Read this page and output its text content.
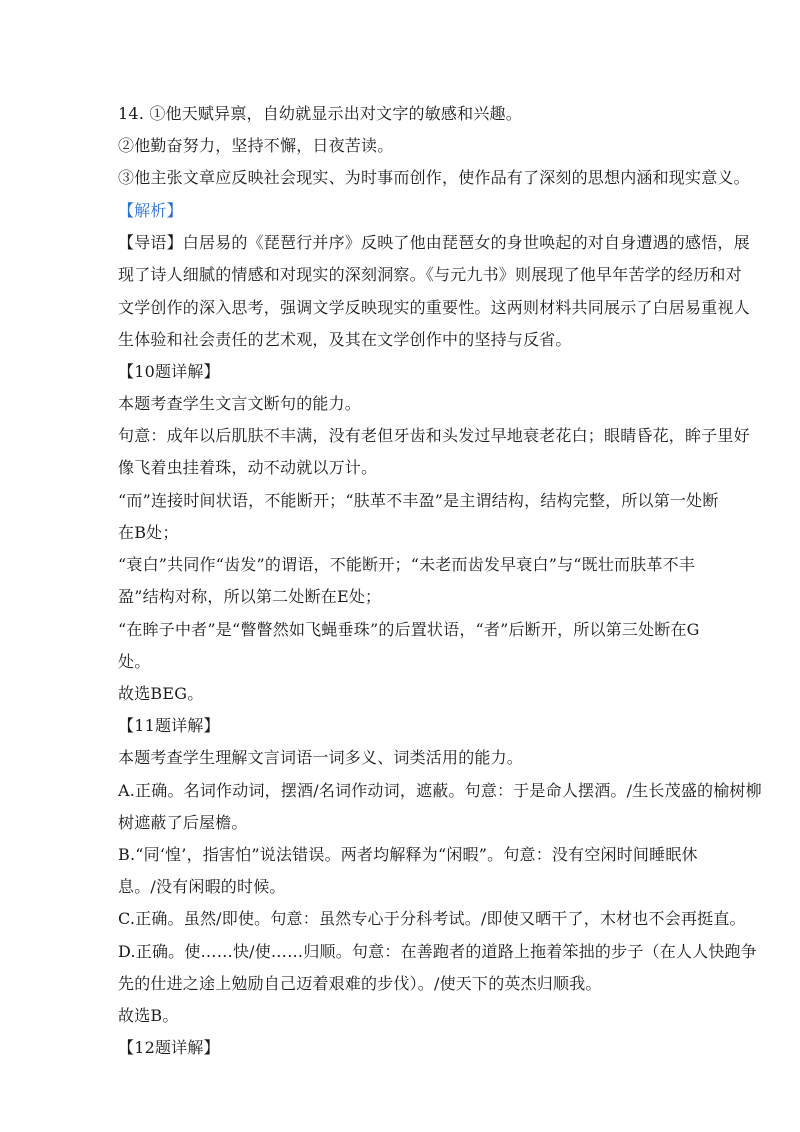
14. ①他天赋异禀，自幼就显示出对文字的敏感和兴趣。
②他勤奋努力，坚持不懈，日夜苦读。
③他主张文章应反映社会现实、为时事而创作，使作品有了深刻的思想内涵和现实意义。
【解析】
【导语】白居易的《琵琶行并序》反映了他由琵琶女的身世唤起的对自身遭遇的感悟，展
现了诗人细腻的情感和对现实的深刻洞察。《与元九书》则展现了他早年苦学的经历和对
文学创作的深入思考，强调文学反映现实的重要性。这两则材料共同展示了白居易重视人
生体验和社会责任的艺术观，及其在文学创作中的坚持与反省。
【10题详解】
本题考查学生文言文断句的能力。
句意：成年以后肌肤不丰满，没有老但牙齿和头发过早地衰老花白；眼睛昏花，眸子里好
像飞着虫挂着珠，动不动就以万计。
“而”连接时间状语，不能断开；“肤革不丰盈”是主谓结构，结构完整，所以第一处断
在B处；
“衰白”共同作“齿发”的谓语，不能断开；“未老而齿发早衰白”与“既壮而肤革不丰
盈”结构对称，所以第二处断在E处；
“在眸子中者”是“瞥瞥然如飞蝇垂珠”的后置状语，“者”后断开，所以第三处断在G
处。
故选BEG。
【11题详解】
本题考查学生理解文言词语一词多义、词类活用的能力。
A.正确。名词作动词，摆酒/名词作动词，遮蔽。句意：于是命人摆酒。/生长茂盛的榆树柳
树遮蔽了后屋檐。
B.“同‘惶’，指害怕”说法错误。两者均解释为“闲暇”。句意：没有空闲时间睡眠休
息。/没有闲暇的时候。
C.正确。虽然/即使。句意：虽然专心于分科考试。/即使又晒干了，木材也不会再挺直。
D.正确。使……快/使……归顺。句意：在善跑者的道路上拖着笨拙的步子（在人人快跑争
先的仕进之途上勉励自己迈着艰难的步伐）。/使天下的英杰归顺我。
故选B。
【12题详解】
